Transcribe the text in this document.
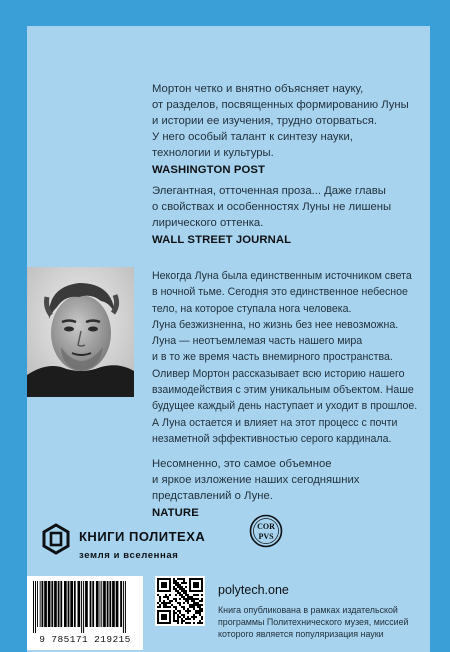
Мортон четко и внятно объясняет науку,
от разделов, посвященных формированию Луны
и истории ее изучения, трудно оторваться.
У него особый талант к синтезу науки,
технологии и культуры.
WASHINGTON POST
Элегантная, отточенная проза... Даже главы
о свойствах и особенностях Луны не лишены
лирического оттенка.
WALL STREET JOURNAL
Некогда Луна была единственным источником света
в ночной тьме. Сегодня это единственное небесное
тело, на которое ступала нога человека.
Луна безжизненна, но жизнь без нее невозможна.
Луна — неотъемлемая часть нашего мира
и в то же время часть внемирного пространства.
Оливер Мортон рассказывает всю историю нашего
взаимодействия с этим уникальным объектом. Наше
будущее каждый день наступает и уходит в прошлое.
А Луна остается и влияет на этот процесс с почти
незаметной эффективностью серого кардинала.
Несомненно, это самое объемное
и яркое изложение наших сегодняшних
представлений о Луне.
NATURE
КНИГИ ПОЛИТЕХА
земля и вселенная
COR
PVS
9 785171 219215
polytech.one
Книга опубликована в рамках издательской
программы Политехнического музея, миссией
которого является популяризация науки
